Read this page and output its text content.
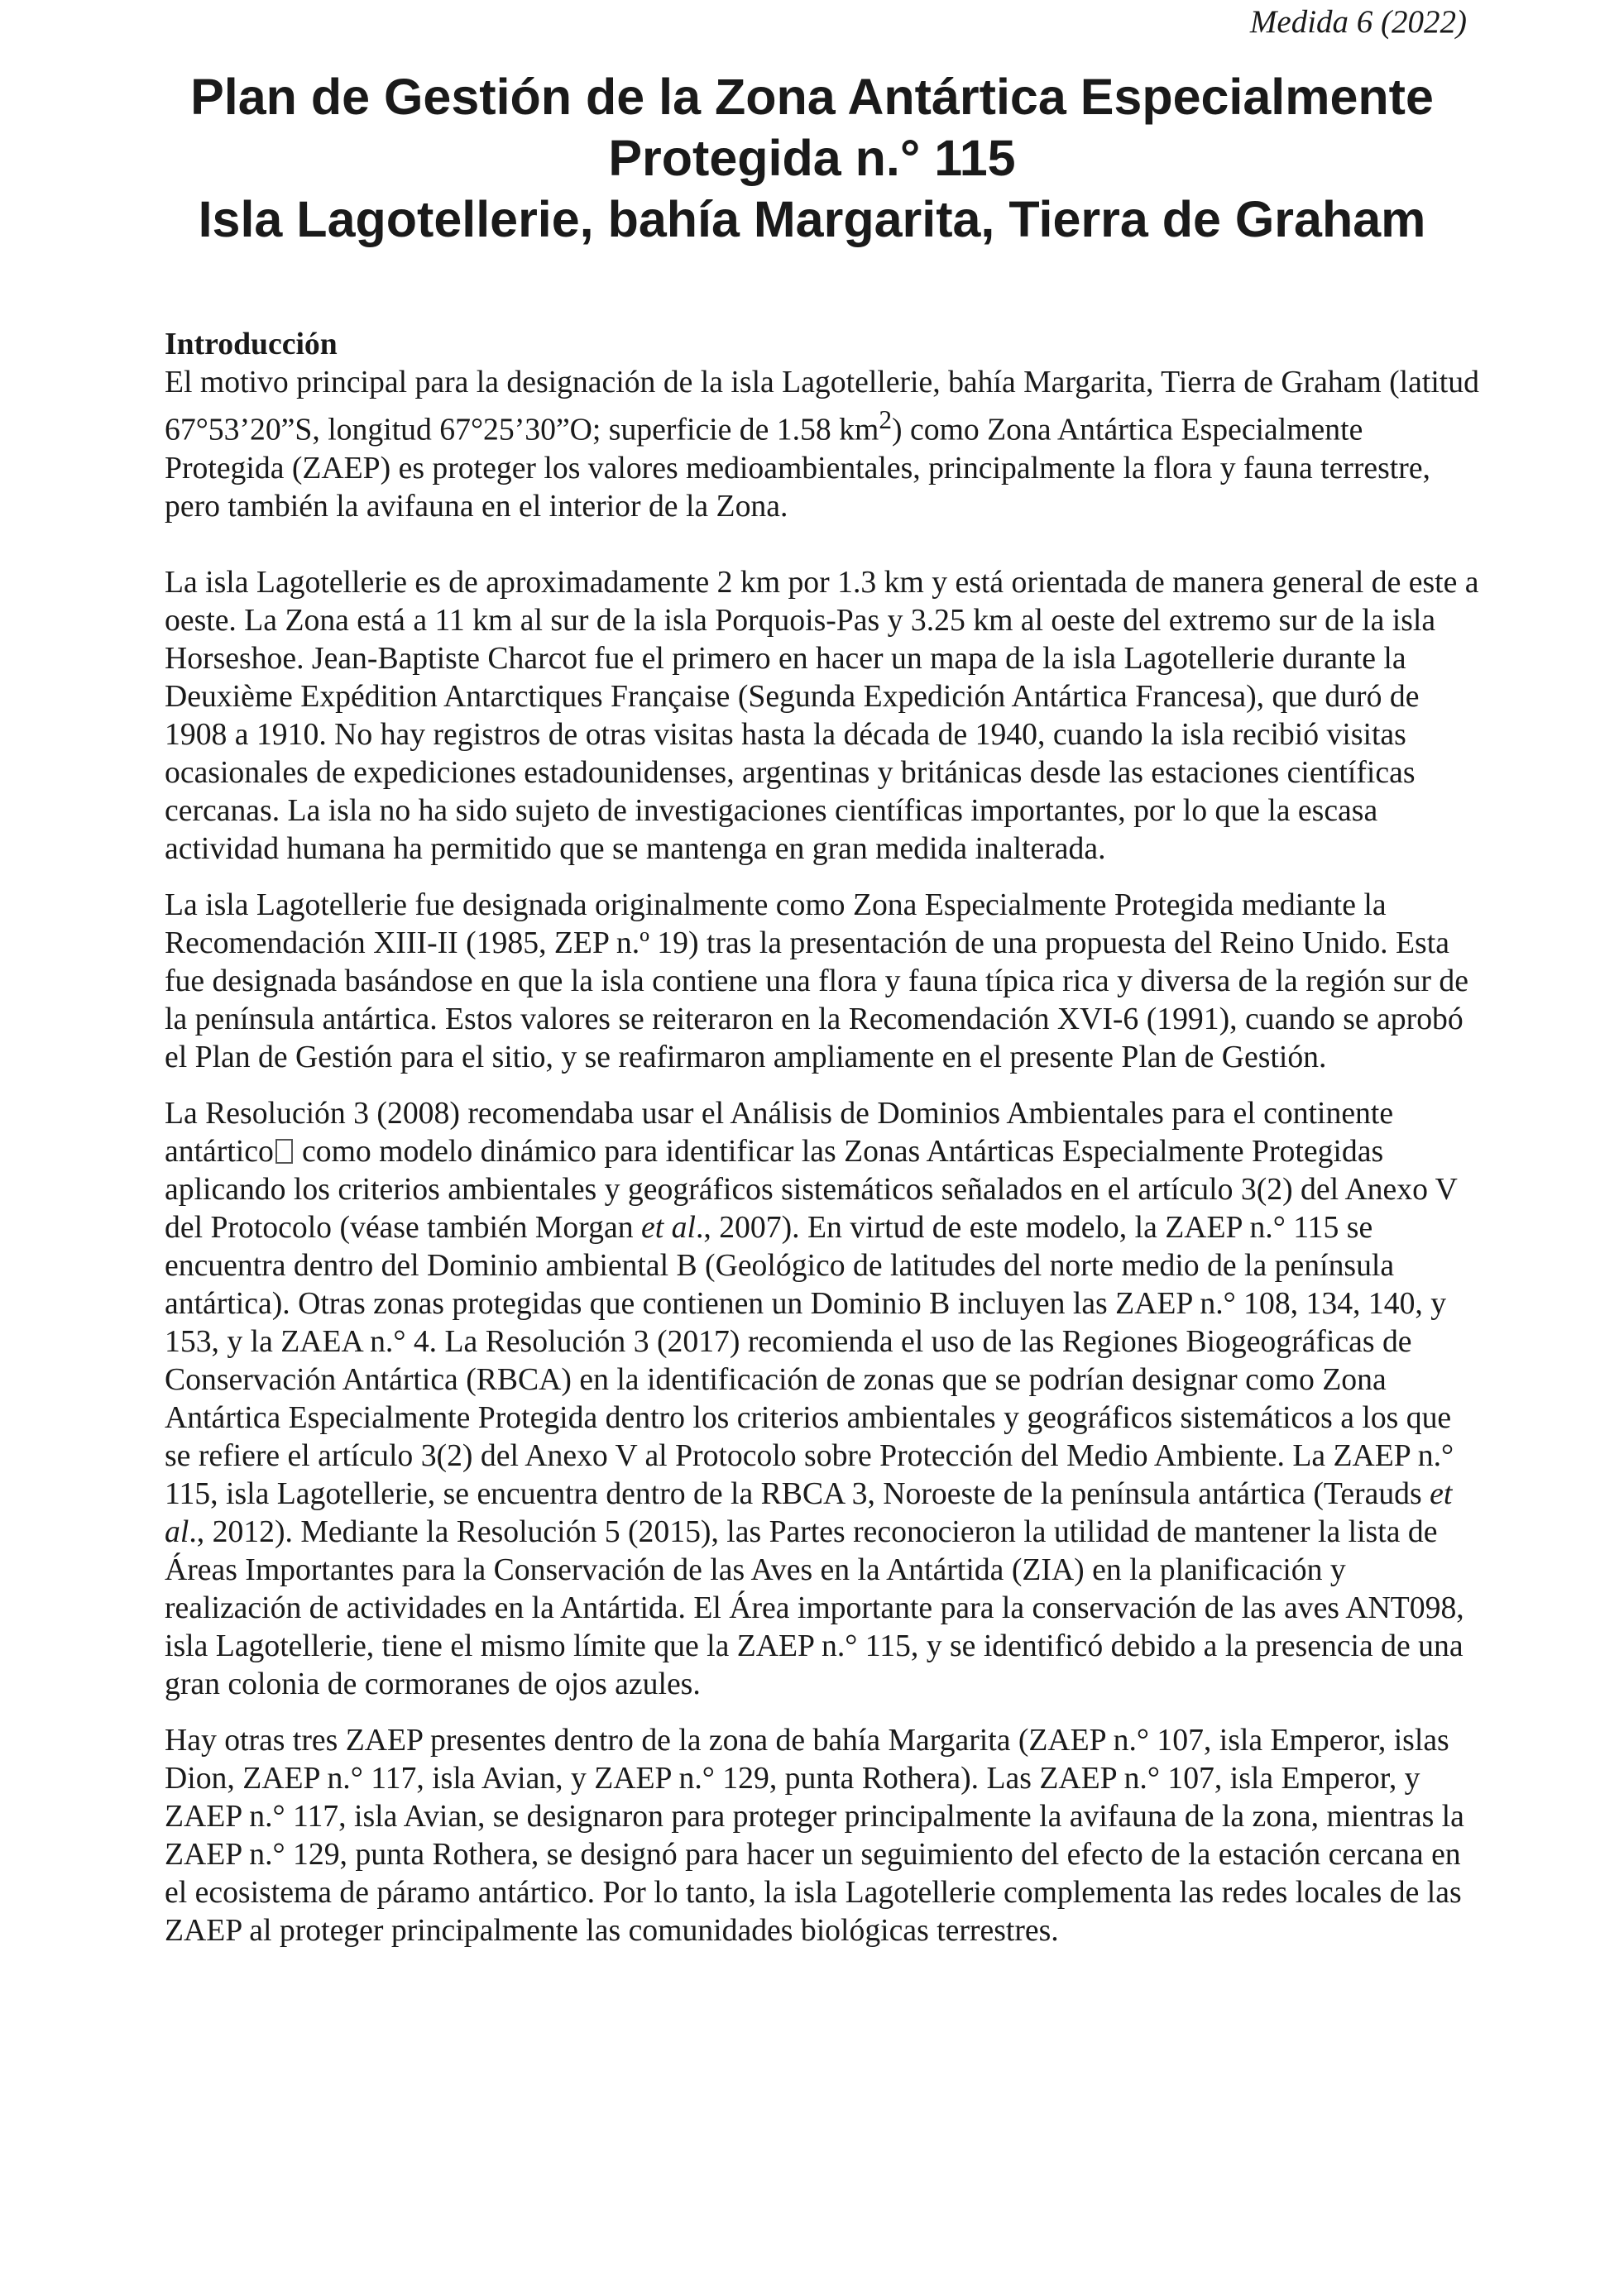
Medida 6 (2022)
Plan de Gestión de la Zona Antártica Especialmente
Protegida n.° 115
Isla Lagotellerie, bahía Margarita, Tierra de Graham

Introducción

El motivo principal para la designación de la isla Lagotellerie, bahía Margarita, Tierra de Graham (latitud 67°53’20”S, longitud 67°25’30”O; superficie de 1.58 $km^2$) como Zona Antártica Especialmente Protegida (ZAEP) es proteger los valores medioambientales, principalmente la flora y fauna terrestre, pero también la avifauna en el interior de la Zona.

La isla Lagotellerie es de aproximadamente 2 km por 1.3 km y está orientada de manera general de este a oeste. La Zona está a 11 km al sur de la isla Porquois-Pas y 3.25 km al oeste del extremo sur de la isla Horseshoe. Jean-Baptiste Charcot fue el primero en hacer un mapa de la isla Lagotellerie durante la Deuxième Expédition Antarctiques Française (Segunda Expedición Antártica Francesa), que duró de 1908 a 1910. No hay registros de otras visitas hasta la década de 1940, cuando la isla recibió visitas ocasionales de expediciones estadounidenses, argentinas y británicas desde las estaciones científicas cercanas. La isla no ha sido sujeto de investigaciones científicas importantes, por lo que la escasa actividad humana ha permitido que se mantenga en gran medida inalterada.

La isla Lagotellerie fue designada originalmente como Zona Especialmente Protegida mediante la Recomendación XIII-II (1985, ZEP n.º 19) tras la presentación de una propuesta del Reino Unido. Esta fue designada basándose en que la isla contiene una flora y fauna típica rica y diversa de la región sur de la península antártica. Estos valores se reiteraron en la Recomendación XVI-6 (1991), cuando se aprobó el Plan de Gestión para el sitio, y se reafirmaron ampliamente en el presente Plan de Gestión.

La Resolución 3 (2008) recomendaba usar el Análisis de Dominios Ambientales para el continente antártico como modelo dinámico para identificar las Zonas Antárticas Especialmente Protegidas aplicando los criterios ambientales y geográficos sistemáticos señalados en el artículo 3(2) del Anexo V del Protocolo (véase también Morgan et al., 2007). En virtud de este modelo, la ZAEP n.° 115 se encuentra dentro del Dominio ambiental B (Geológico de latitudes del norte medio de la península antártica). Otras zonas protegidas que contienen un Dominio B incluyen las ZAEP n.° 108, 134, 140, y 153, y la ZAEA n.° 4. La Resolución 3 (2017) recomienda el uso de las Regiones Biogeográficas de Conservación Antártica (RBCA) en la identificación de zonas que se podrían designar como Zona Antártica Especialmente Protegida dentro los criterios ambientales y geográficos sistemáticos a los que se refiere el artículo 3(2) del Anexo V al Protocolo sobre Protección del Medio Ambiente. La ZAEP n.° 115, isla Lagotellerie, se encuentra dentro de la RBCA 3, Noroeste de la península antártica (Terauds et al., 2012). Mediante la Resolución 5 (2015), las Partes reconocieron la utilidad de mantener la lista de Áreas Importantes para la Conservación de las Aves en la Antártida (ZIA) en la planificación y realización de actividades en la Antártida. El Área importante para la conservación de las aves ANT098, isla Lagotellerie, tiene el mismo límite que la ZAEP n.° 115, y se identificó debido a la presencia de una gran colonia de cormoranes de ojos azules.

Hay otras tres ZAEP presentes dentro de la zona de bahía Margarita (ZAEP n.° 107, isla Emperor, islas Dion, ZAEP n.° 117, isla Avian, y ZAEP n.° 129, punta Rothera). Las ZAEP n.° 107, isla Emperor, y ZAEP n.° 117, isla Avian, se designaron para proteger principalmente la avifauna de la zona, mientras la ZAEP n.° 129, punta Rothera, se designó para hacer un seguimiento del efecto de la estación cercana en el ecosistema de páramo antártico. Por lo tanto, la isla Lagotellerie complementa las redes locales de las ZAEP al proteger principalmente las comunidades biológicas terrestres.
